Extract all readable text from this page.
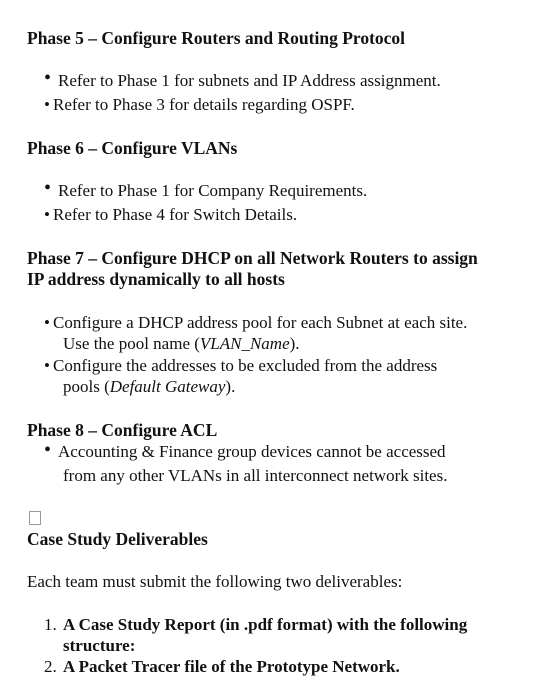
Phase 5 – Configure Routers and Routing Protocol
• Refer to Phase 1 for subnets and IP Address assignment.
• Refer to Phase 3 for details regarding OSPF.
Phase 6 – Configure VLANs
• Refer to Phase 1 for Company Requirements.
• Refer to Phase 4 for Switch Details.
Phase 7 – Configure DHCP on all Network Routers to assign
IP address dynamically to all hosts
• Configure a DHCP address pool for each Subnet at each site.
Use the pool name (VLAN_Name).
• Configure the addresses to be excluded from the address
pools (Default Gateway).
Phase 8 – Configure ACL
• Accounting & Finance group devices cannot be accessed
from any other VLANs in all interconnect network sites.
Case Study Deliverables
Each team must submit the following two deliverables:
1. A Case Study Report (in .pdf format) with the following
structure:
2. A Packet Tracer file of the Prototype Network.
